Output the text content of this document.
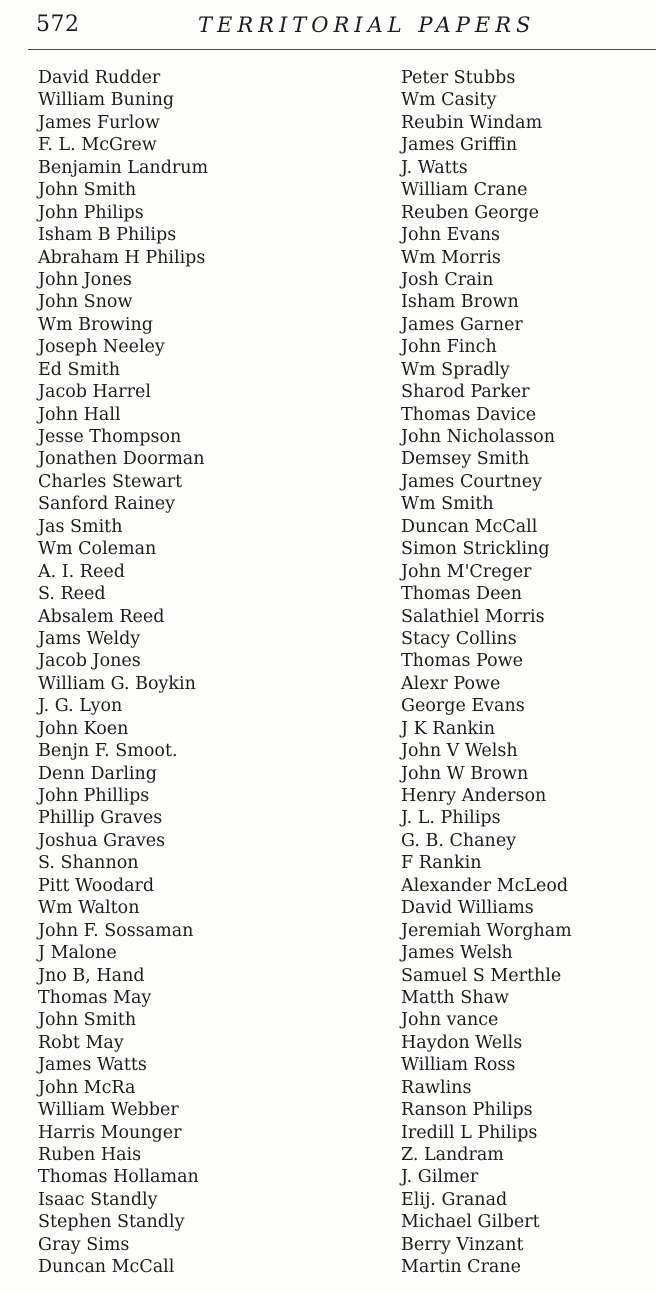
572	TERRITORIAL PAPERS
David Rudder
William Buning
James Furlow
F. L. McGrew
Benjamin Landrum
John Smith
John Philips
Isham B Philips
Abraham H Philips
John Jones
John Snow
Wm Browing
Joseph Neeley
Ed Smith
Jacob Harrel
John Hall
Jesse Thompson
Jonathen Doorman
Charles Stewart
Sanford Rainey
Jas Smith
Wm Coleman
A. I. Reed
S. Reed
Absalem Reed
Jams Weldy
Jacob Jones
William G. Boykin
J. G. Lyon
John Koen
Benjn F. Smoot.
Denn Darling
John Phillips
Phillip Graves
Joshua Graves
S. Shannon
Pitt Woodard
Wm Walton
John F. Sossaman
J Malone
Jno B, Hand
Thomas May
John Smith
Robt May
James Watts
John McRa
William Webber
Harris Mounger
Ruben Hais
Thomas Hollaman
Isaac Standly
Stephen Standly
Gray Sims
Duncan McCall
Peter Stubbs
Wm Casity
Reubin Windam
James Griffin
J. Watts
William Crane
Reuben George
John Evans
Wm Morris
Josh Crain
Isham Brown
James Garner
John Finch
Wm Spradly
Sharod Parker
Thomas Davice
John Nicholasson
Demsey Smith
James Courtney
Wm Smith
Duncan McCall
Simon Strickling
John M'Creger
Thomas Deen
Salathiel Morris
Stacy Collins
Thomas Powe
Alexr Powe
George Evans
J K Rankin
John V Welsh
John W Brown
Henry Anderson
J. L. Philips
G. B. Chaney
F Rankin
Alexander McLeod
David Williams
Jeremiah Worgham
James Welsh
Samuel S Merthle
Matth Shaw
John vance
Haydon Wells
William Ross
Rawlins
Ranson Philips
Iredill L Philips
Z. Landram
J. Gilmer
Elij. Granad
Michael Gilbert
Berry Vinzant
Martin Crane
